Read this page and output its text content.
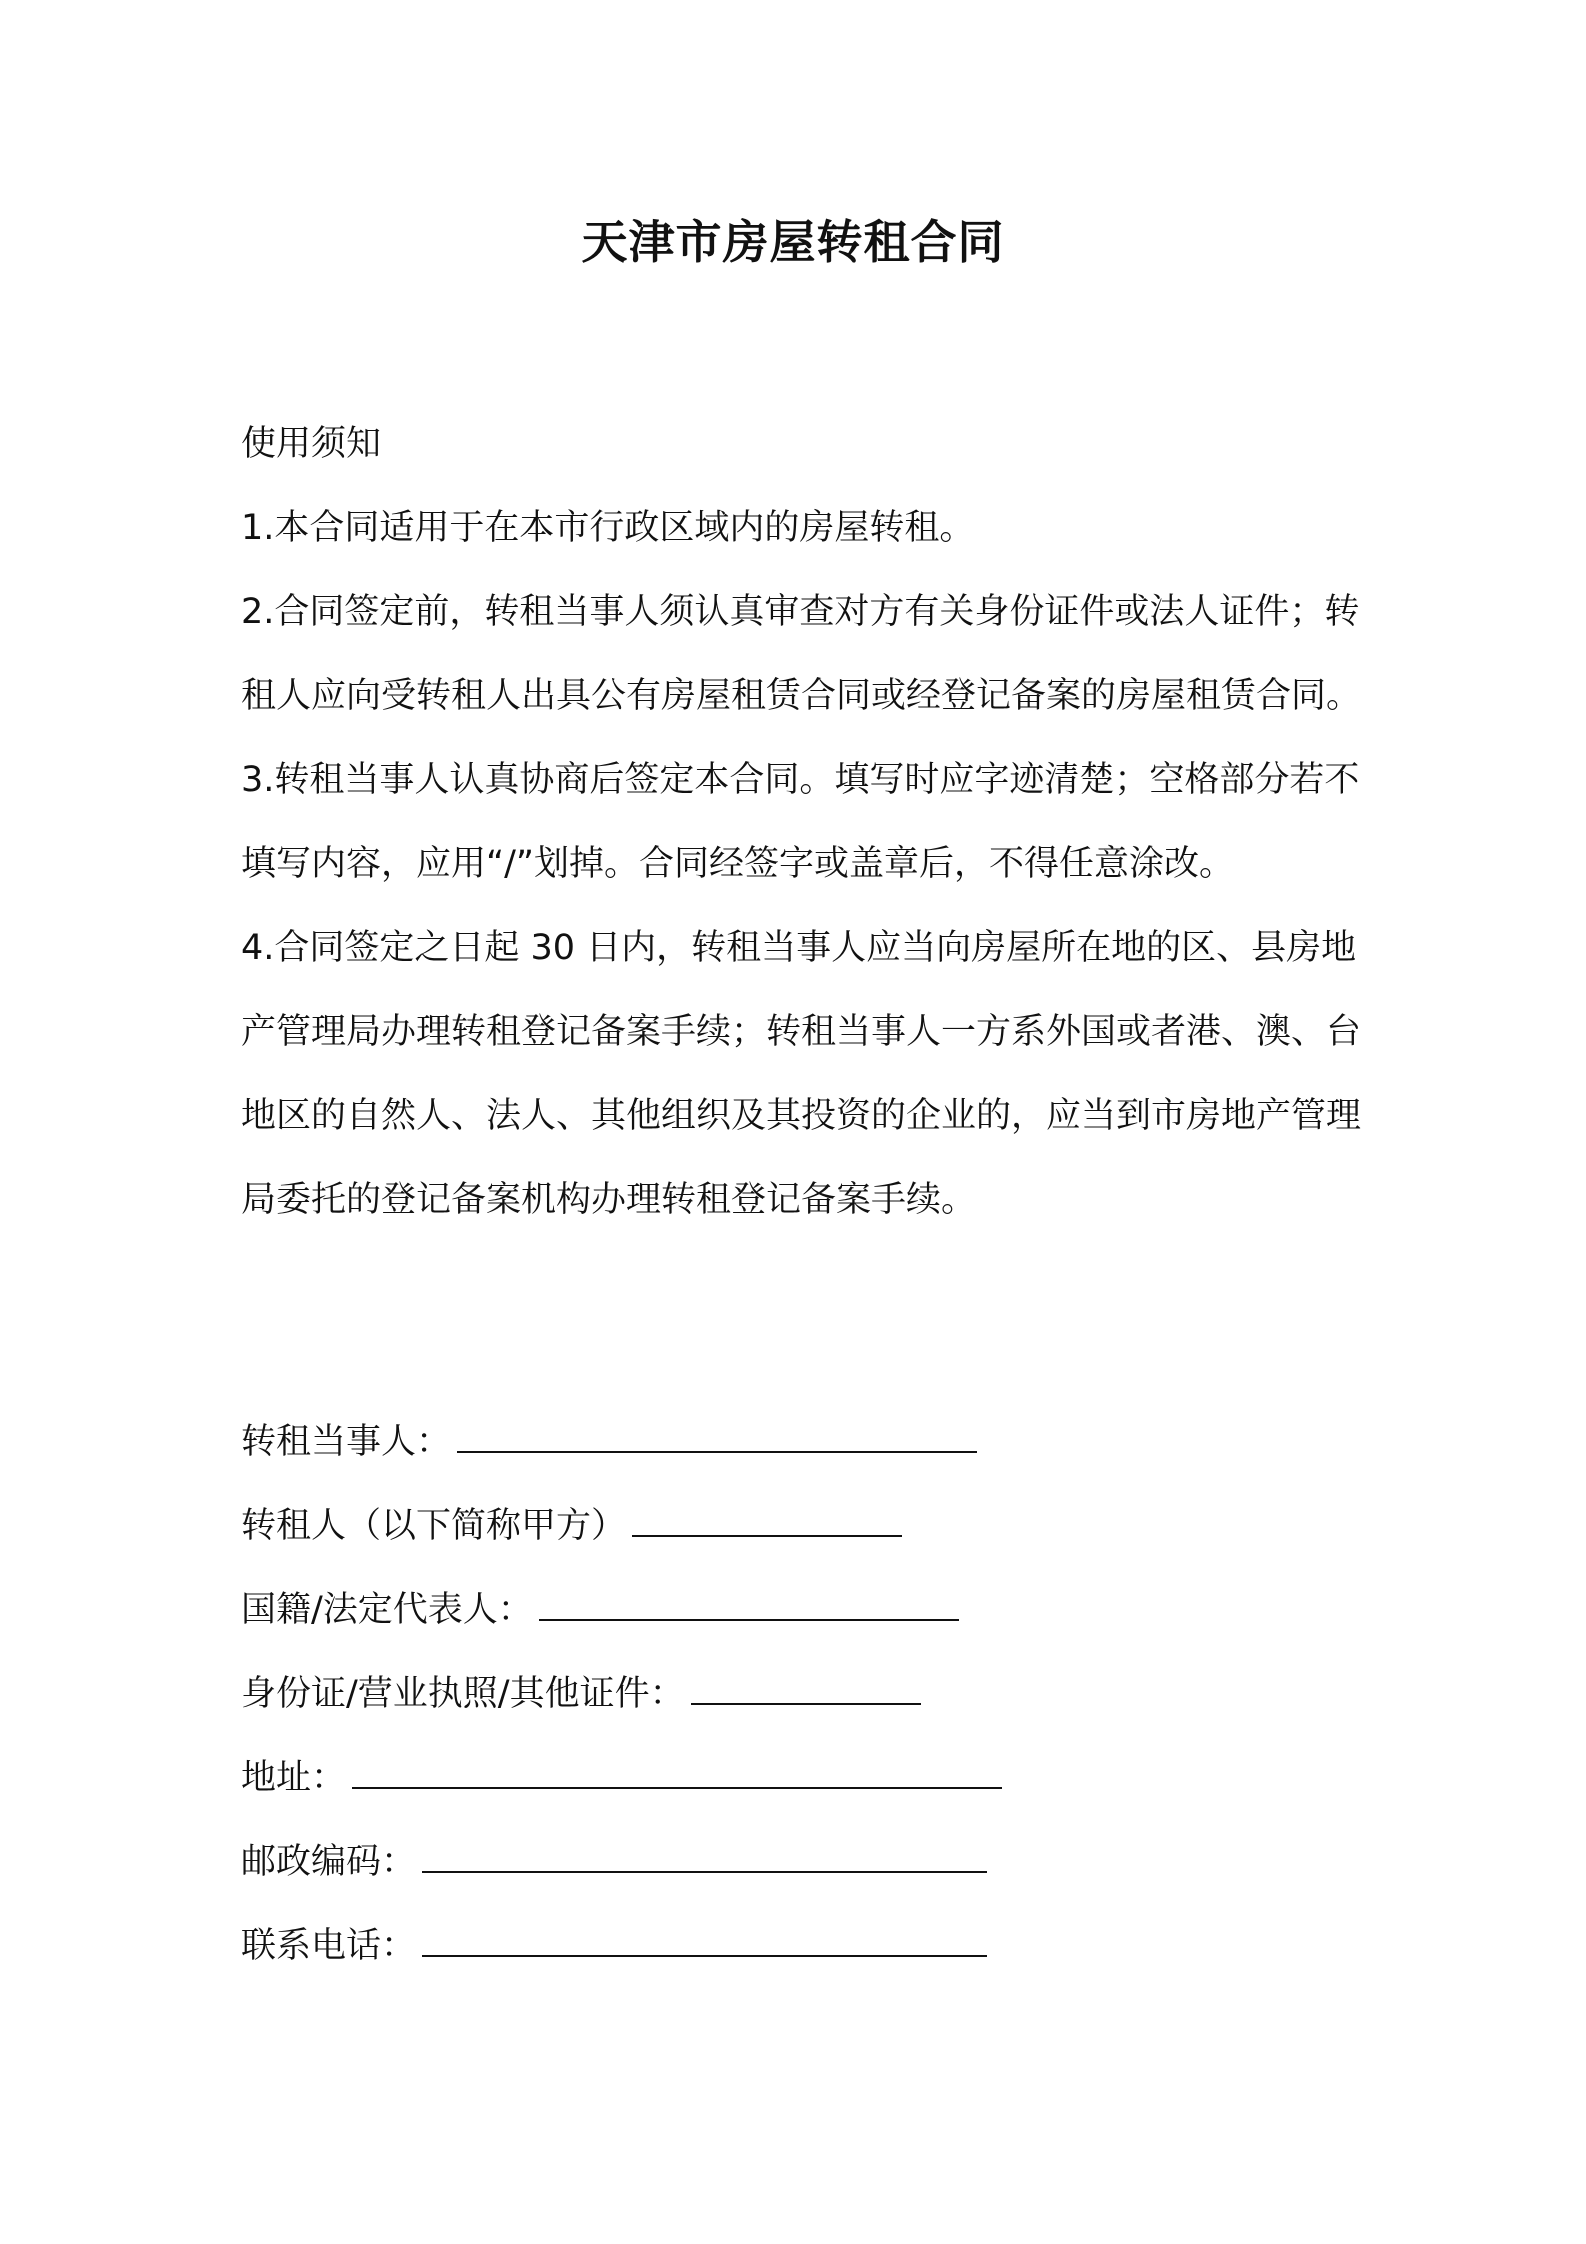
天津市房屋转租合同
使用须知

1.本合同适用于在本市行政区域内的房屋转租。

2.合同签定前，转租当事人须认真审查对方有关身份证件或法人证件；转租人应向受转租人出具公有房屋租赁合同或经登记备案的房屋租赁合同。

3.转租当事人认真协商后签定本合同。填写时应字迹清楚；空格部分若不填写内容，应用“/”划掉。合同经签字或盖章后，不得任意涂改。

4.合同签定之日起 30 日内，转租当事人应当向房屋所在地的区、县房地产管理局办理转租登记备案手续；转租当事人一方系外国或者港、澳、台地区的自然人、法人、其他组织及其投资的企业的，应当到市房地产管理局委托的登记备案机构办理转租登记备案手续。

转租当事人：
转租人（以下简称甲方）
国籍/法定代表人：
身份证/营业执照/其他证件：
地址：
邮政编码：
联系电话：
